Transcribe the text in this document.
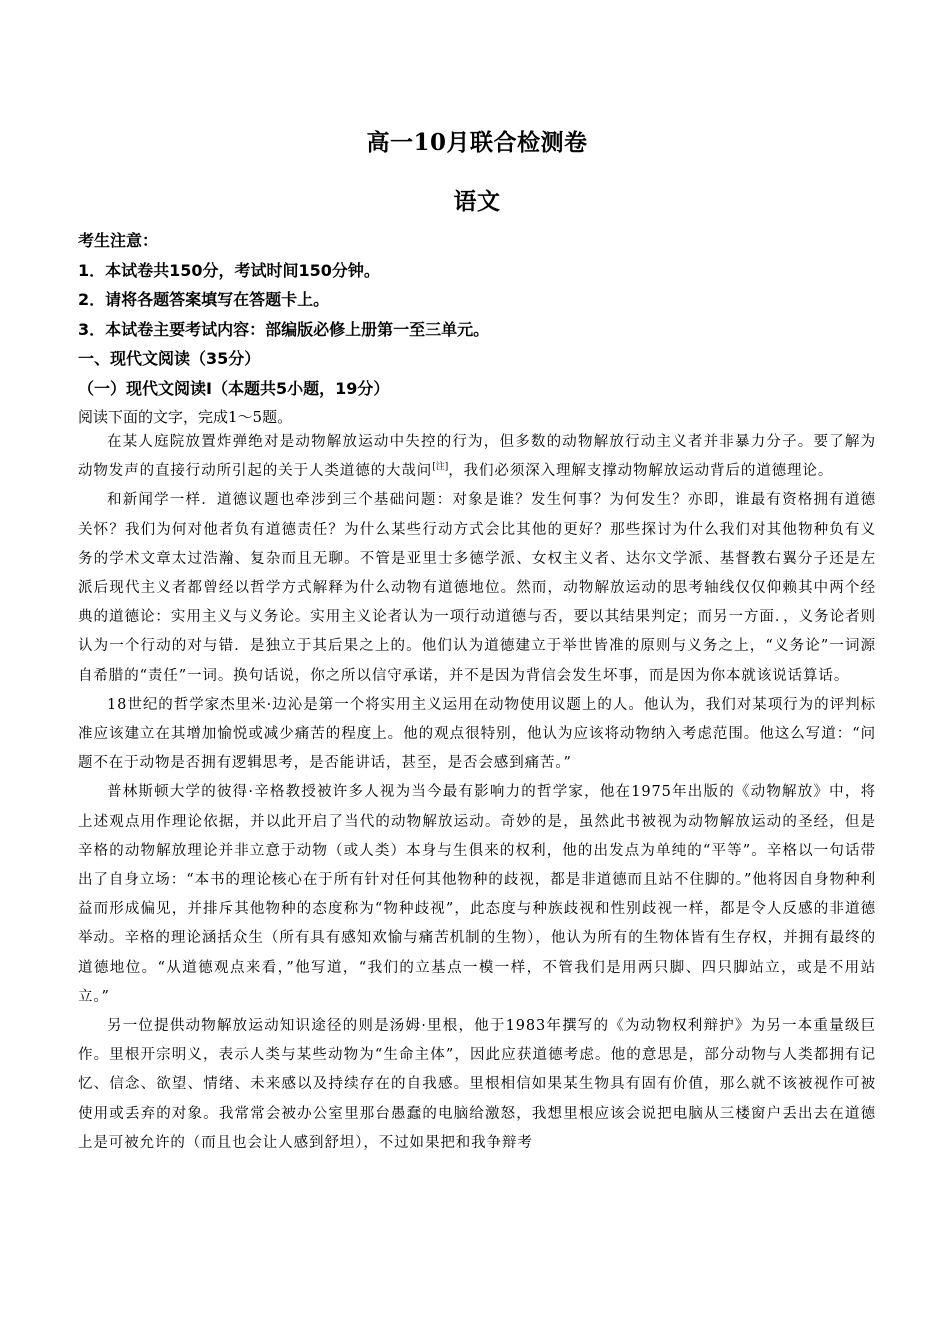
高一10月联合检测卷
语文
考生注意：
1．本试卷共150分，考试时间150分钟。
2．请将各题答案填写在答题卡上。
3．本试卷主要考试内容：部编版必修上册第一至三单元。
一、现代文阅读（35分）
（一）现代文阅读Ⅰ（本题共5小题，19分）
阅读下面的文字，完成1～5题。

在某人庭院放置炸弹绝对是动物解放运动中失控的行为，但多数的动物解放行动主义者并非暴力分子。要了解为动物发声的直接行动所引起的关于人类道德的大哉问[注]，我们必须深入理解支撑动物解放运动背后的道德理论。

和新闻学一样．道德议题也牵涉到三个基础问题：对象是谁？发生何事？为何发生？亦即，谁最有资格拥有道德关怀？我们为何对他者负有道德责任？为什么某些行动方式会比其他的更好？那些探讨为什么我们对其他物种负有义务的学术文章太过浩瀚、复杂而且无聊。不管是亚里士多德学派、女权主义者、达尔文学派、基督教右翼分子还是左派后现代主义者都曾经以哲学方式解释为什么动物有道德地位。然而，动物解放运动的思考轴线仅仅仰赖其中两个经典的道德论：实用主义与义务论。实用主义论者认为一项行动道德与否，要以其结果判定；而另一方面．，义务论者则认为一个行动的对与错．是独立于其后果之上的。他们认为道德建立于举世皆准的原则与义务之上，“义务论”一词源自希腊的“责任”一词。换句话说，你之所以信守承诺，并不是因为背信会发生坏事，而是因为你本就该说话算话。

18世纪的哲学家杰里米·边沁是第一个将实用主义运用在动物使用议题上的人。他认为，我们对某项行为的评判标准应该建立在其增加愉悦或减少痛苦的程度上。他的观点很特别，他认为应该将动物纳入考虑范围。他这么写道：“问题不在于动物是否拥有逻辑思考，是否能讲话，甚至，是否会感到痛苦。”

普林斯顿大学的彼得·辛格教授被许多人视为当今最有影响力的哲学家，他在1975年出版的《动物解放》中，将上述观点用作理论依据，并以此开启了当代的动物解放运动。奇妙的是，虽然此书被视为动物解放运动的圣经，但是辛格的动物解放理论并非立意于动物（或人类）本身与生俱来的权利，他的出发点为单纯的“平等”。辛格以一句话带出了自身立场：“本书的理论核心在于所有针对任何其他物种的歧视，都是非道德而且站不住脚的。”他将因自身物种利益而形成偏见，并排斥其他物种的态度称为“物种歧视”，此态度与种族歧视和性别歧视一样，都是令人反感的非道德举动。辛格的理论涵括众生（所有具有感知欢愉与痛苦机制的生物），他认为所有的生物体皆有生存权，并拥有最终的道德地位。“从道德观点来看，”他写道，“我们的立基点一模一样，不管我们是用两只脚、四只脚站立，或是不用站立。”

另一位提供动物解放运动知识途径的则是汤姆·里根，他于1983年撰写的《为动物权利辩护》为另一本重量级巨作。里根开宗明义，表示人类与某些动物为“生命主体”，因此应获道德考虑。他的意思是，部分动物与人类都拥有记忆、信念、欲望、情绪、未来感以及持续存在的自我感。里根相信如果某生物具有固有价值，那么就不该被视作可被使用或丢弃的对象。我常常会被办公室里那台愚蠢的电脑给激怒，我想里根应该会说把电脑从三楼窗户丢出去在道德上是可被允许的（而且也会让人感到舒坦），不过如果把和我争辩考
